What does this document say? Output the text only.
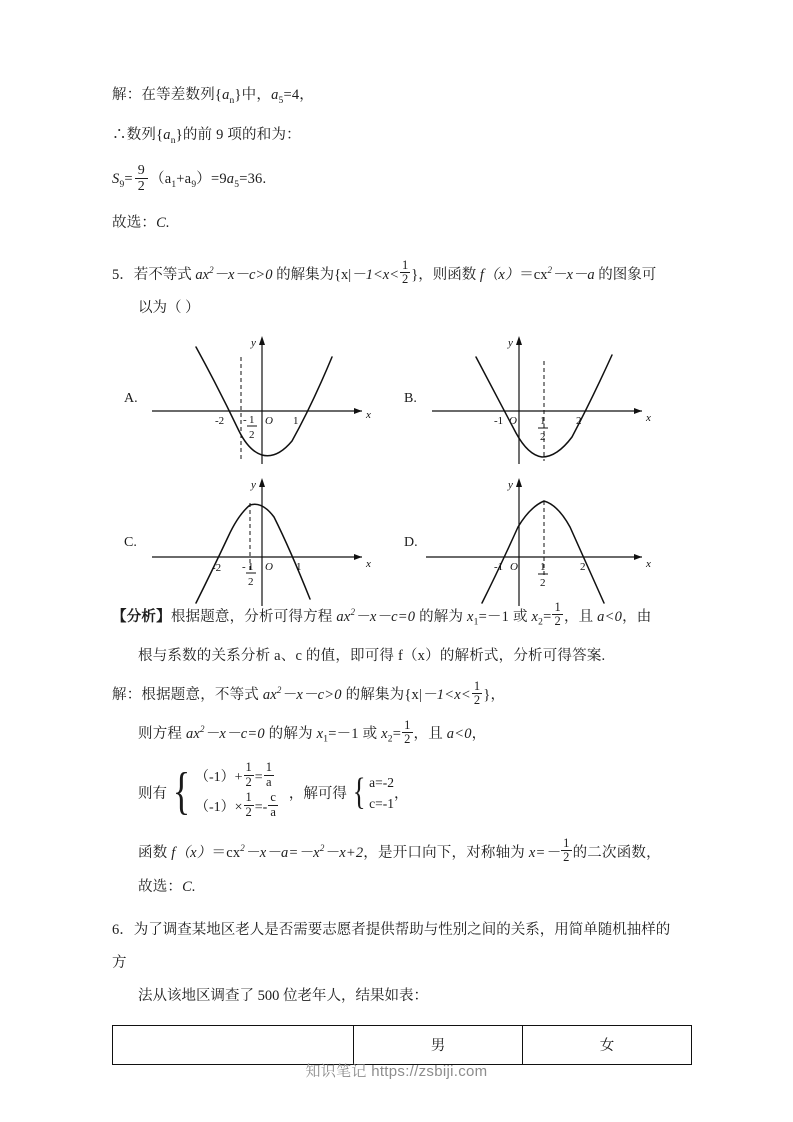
解：在等差数列$\{a_n\}$中，$a_5=4$，
∴数列$\{a_n\}$的前 9 项的和为：
$S_9= \frac{9}{2} (a_1+a_9)=9a_5=36$.
故选：C.
5．若不等式 $ax^2-x-c>0$ 的解集为{$x|-1<x< \frac{1}{2}$ }，则函数 $f(x)=cx^2-x-a$ 的图象可
以为（ ）
A.
-2 1
-
2
O 1	x
y
B.
-1 O 1
2
2	x
y
C.
-2 - 1
2
O 1	x
y
D.
-1 O 1
2
2	x
y
【分析】根据题意，分析可得方程 $ax^2-x-c=0$ 的解为 $x_1=-1$ 或 $x_2= \frac{1}{2}$ ，且 a<0，由
根与系数的关系分析 a、c 的值，即可得 f（x）的解析式，分析可得答案.
解：根据题意，不等式 $ax^2-x-c>0$ 的解集为{$x|-1<x< \frac{1}{2}$ }，
则方程 $ax^2-x-c=0$ 的解为 $x_1=-1$ 或 $x_2= \frac{1}{2}$ ，且 a<0，
则有 { $(-1)+ \frac{1}{2} = \frac{1}{a}$
$(-1)\times \frac{1}{2} =- \frac{c}{a}$ ，解可得 { a=-2
c=-1
，
函数 $f(x)=cx^2-x-a=-x^2-x+2$，是开口向下，对称轴为 $x=- \frac{1}{2}$ 的二次函数，
故选：C.
6．为了调查某地区老人是否需要志愿者提供帮助与性别之间的关系，用简单随机抽样的方
法从该地区调查了 500 位老年人，结果如表：
	男	女
知识笔记 https://zsbiji.com
